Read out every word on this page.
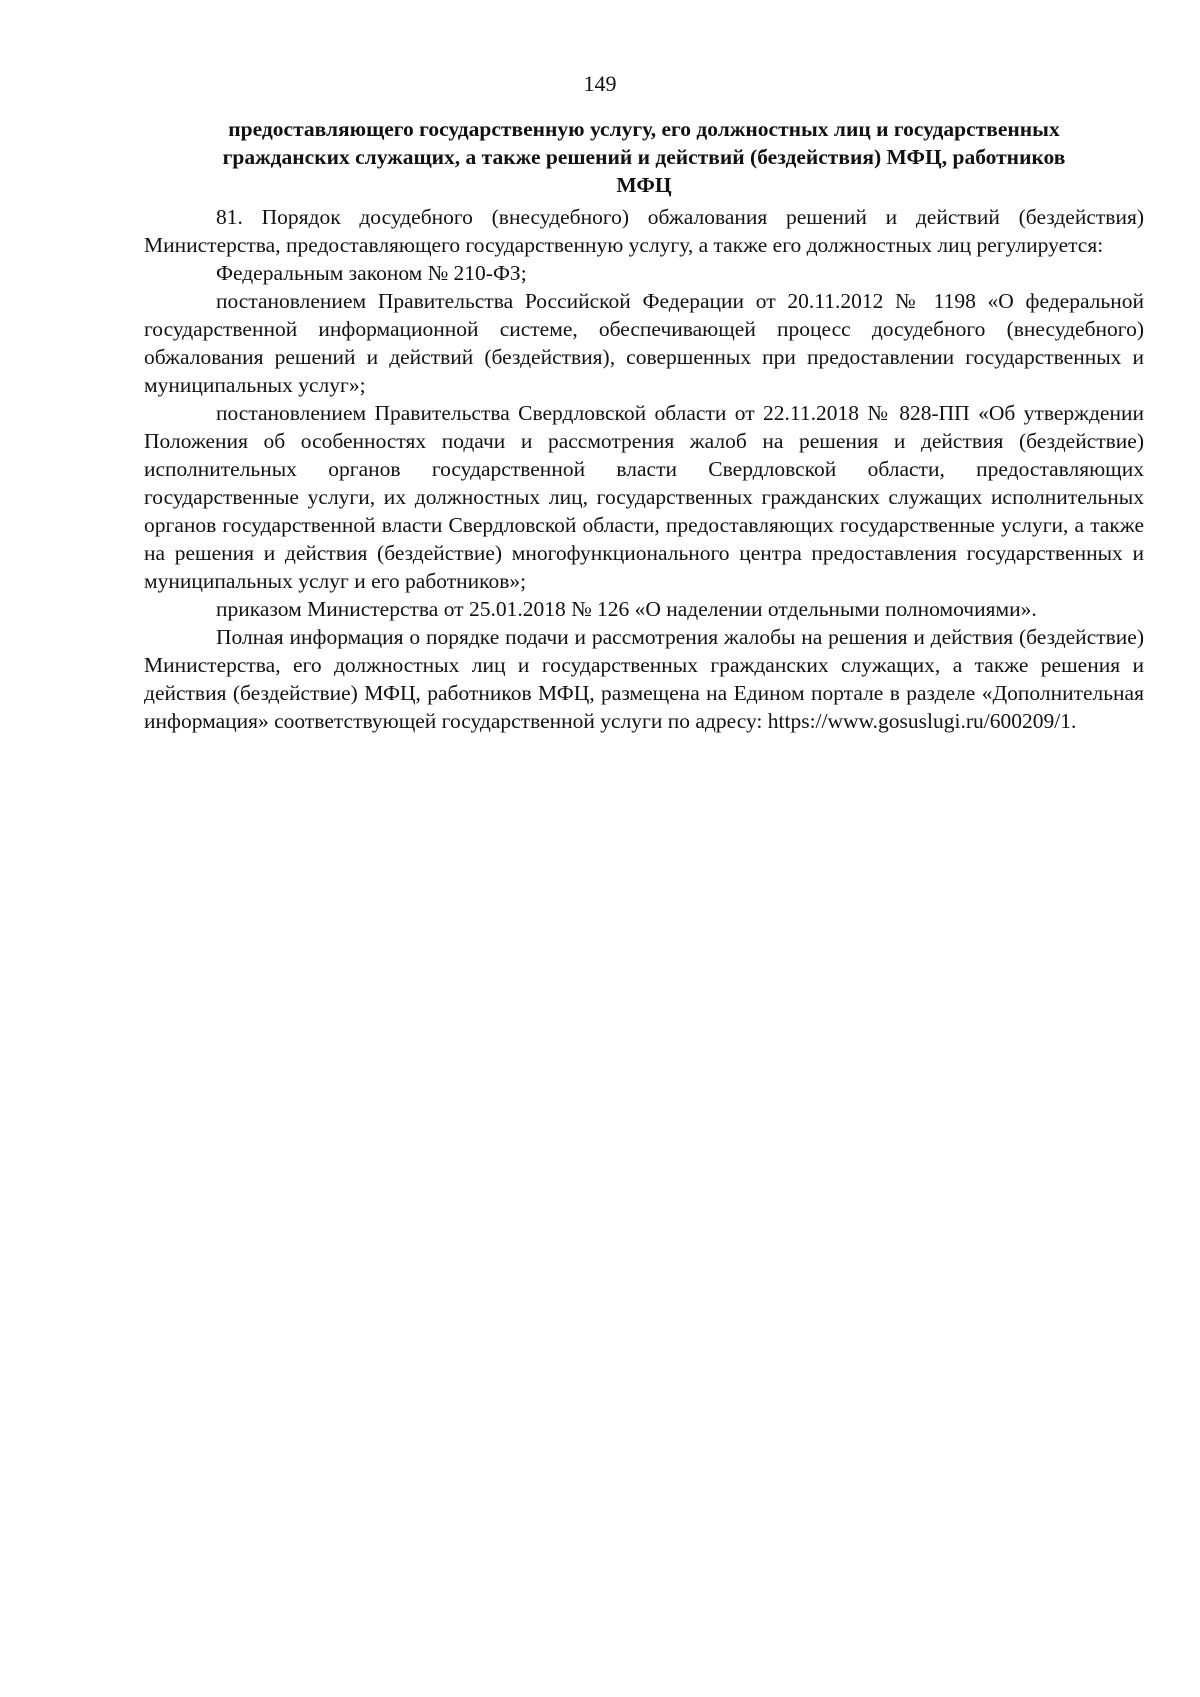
149
предоставляющего государственную услугу, его должностных лиц и государственных
гражданских служащих, а также решений и действий (бездействия) МФЦ, работников
МФЦ

81. Порядок досудебного (внесудебного) обжалования решений и действий (бездействия) Министерства, предоставляющего государственную услугу, а также его должностных лиц регулируется:

Федеральным законом № 210-ФЗ;

постановлением Правительства Российской Федерации от 20.11.2012 № 1198 «О федеральной государственной информационной системе, обеспечивающей процесс досудебного (внесудебного) обжалования решений и действий (бездействия), совершенных при предоставлении государственных и муниципальных услуг»;

постановлением Правительства Свердловской области от 22.11.2018 № 828-ПП «Об утверждении Положения об особенностях подачи и рассмотрения жалоб на решения и действия (бездействие) исполнительных органов государственной власти Свердловской области, предоставляющих государственные услуги, их должностных лиц, государственных гражданских служащих исполнительных органов государственной власти Свердловской области, предоставляющих государственные услуги, а также на решения и действия (бездействие) многофункционального центра предоставления государственных и муниципальных услуг и его работников»;

приказом Министерства от 25.01.2018 № 126 «О наделении отдельными полномочиями».

Полная информация о порядке подачи и рассмотрения жалобы на решения и действия (бездействие) Министерства, его должностных лиц и государственных гражданских служащих, а также решения и действия (бездействие) МФЦ, работников МФЦ, размещена на Едином портале в разделе «Дополнительная информация» соответствующей государственной услуги по адресу: https://www.gosuslugi.ru/600209/1.
